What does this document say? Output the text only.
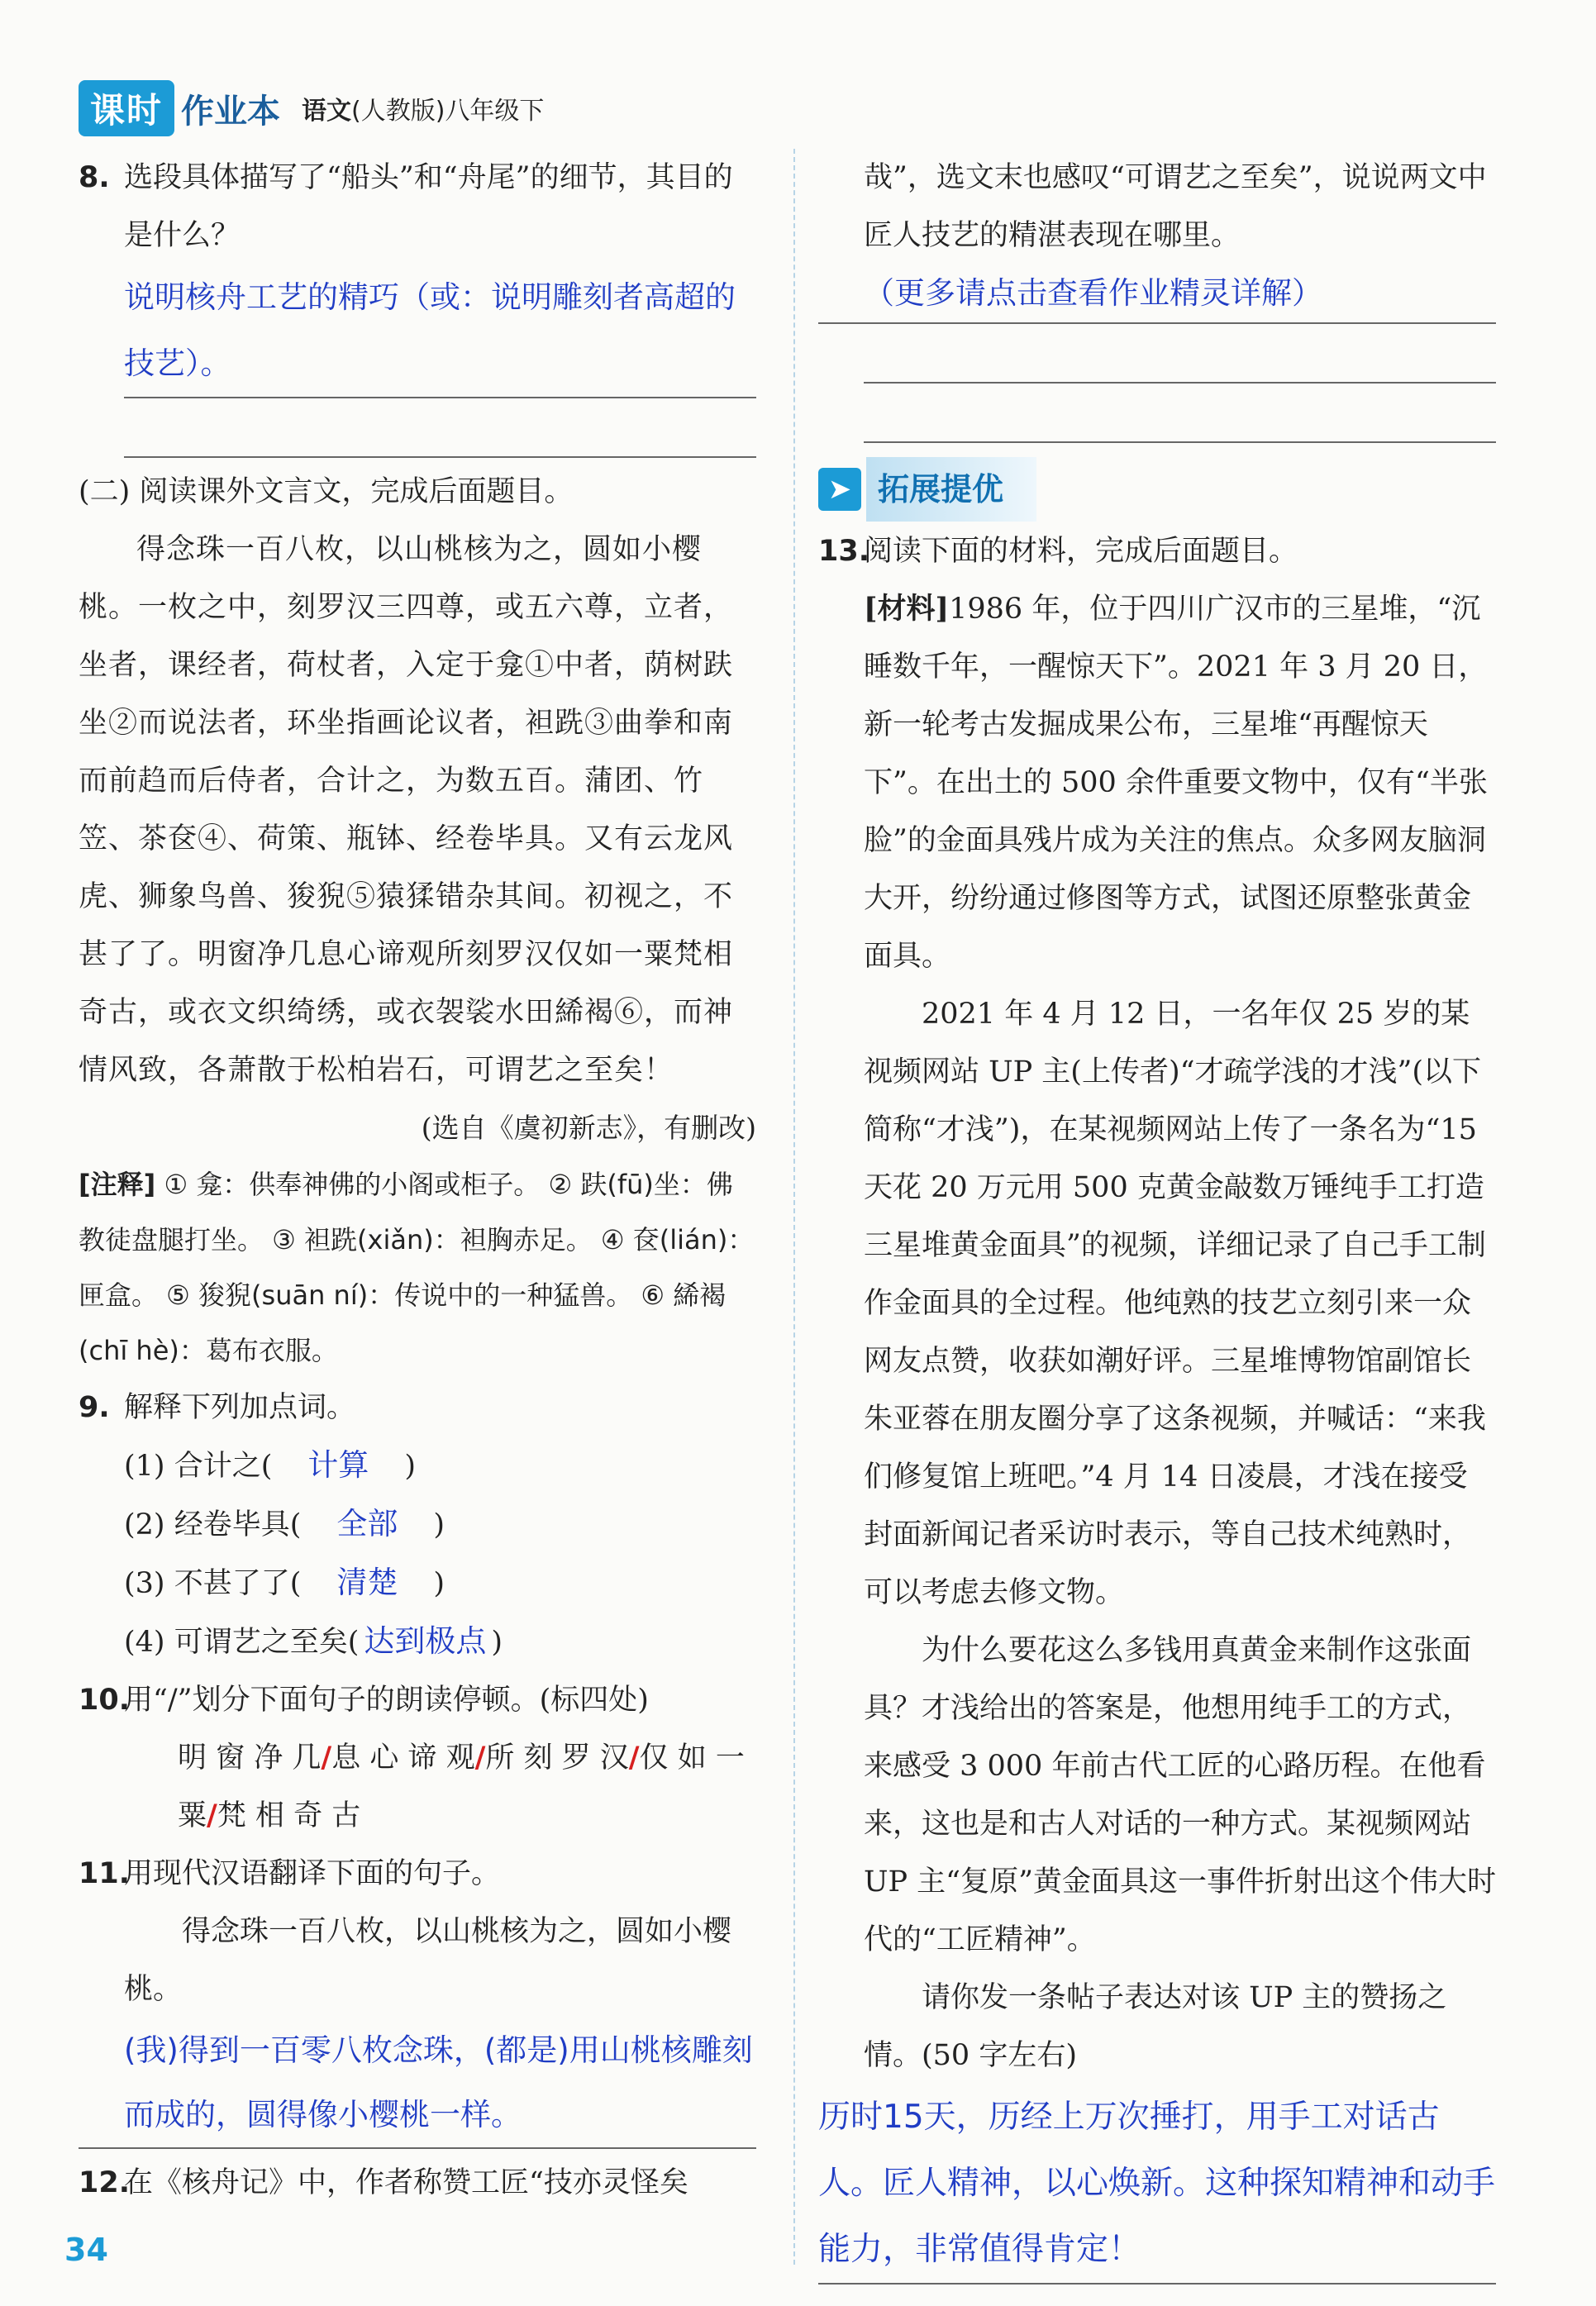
课时 作业本 语文(人教版)八年级下
8. 选段具体描写了“船头”和“舟尾”的细节，其目的是什么？

说明核舟工艺的精巧（或：说明雕刻者高超的技艺）。
(二) 阅读课外文言文，完成后面题目。
得念珠一百八枚，以山桃核为之，圆如小樱桃。一枚之中，刻罗汉三四尊，或五六尊，立者，坐者，课经者，荷杖者，入定于龛①中者，荫树趺坐②而说法者，环坐指画论议者，袒跣③曲拳和南而前趋而后侍者，合计之，为数五百。蒲团、竹笠、茶奁④、荷策、瓶钵、经卷毕具。又有云龙风虎、狮象鸟兽、狻猊⑤猿猱错杂其间。初视之，不甚了了。明窗净几息心谛观所刻罗汉仅如一粟梵相奇古，或衣文织绮绣，或衣袈裟水田絺褐⑥，而神情风致，各萧散于松柏岩石，可谓艺之至矣！
(选自《虞初新志》，有删改)
[注释] ① 龛：供奉神佛的小阁或柜子。 ② 趺(fū)坐：佛教徒盘腿打坐。 ③ 袒跣(xiǎn)：袒胸赤足。 ④ 奁(lián)：匣盒。 ⑤ 狻猊(suān ní)：传说中的一种猛兽。 ⑥ 絺褐(chī hè)：葛布衣服。
9. 解释下列加点词。
(1) 合计之( 计算 )
(2) 经卷毕具( 全部 )
(3) 不甚了了( 清楚 )
(4) 可谓艺之至矣( 达到极点 )
10.
用“/”划分下面句子的朗读停顿。(标四处)
明 窗 净 几/息 心 谛 观/所 刻 罗 汉/仅 如 一 粟/梵 相 奇 古
11.
用现代汉语翻译下面的句子。
得念珠一百八枚，以山桃核为之，圆如小樱桃。
(我)得到一百零八枚念珠，(都是)用山桃核雕刻而成的，圆得像小樱桃一样。
12.
在《核舟记》中，作者称赞工匠“技亦灵怪矣
哉”，选文末也感叹“可谓艺之至矣”，说说两文中匠人技艺的精湛表现在哪里。
（更多请点击查看作业精灵详解）
➤ 拓展提优
13.
阅读下面的材料，完成后面题目。
[材料]1986 年，位于四川广汉市的三星堆，“沉睡数千年，一醒惊天下”。2021 年 3 月 20 日，新一轮考古发掘成果公布，三星堆“再醒惊天下”。在出土的 500 余件重要文物中，仅有“半张脸”的金面具残片成为关注的焦点。众多网友脑洞大开，纷纷通过修图等方式，试图还原整张黄金面具。
2021 年 4 月 12 日，一名年仅 25 岁的某视频网站 UP 主(上传者)“才疏学浅的才浅”(以下简称“才浅”)，在某视频网站上传了一条名为“15 天花 20 万元用 500 克黄金敲数万锤纯手工打造三星堆黄金面具”的视频，详细记录了自己手工制作金面具的全过程。他纯熟的技艺立刻引来一众网友点赞，收获如潮好评。三星堆博物馆副馆长朱亚蓉在朋友圈分享了这条视频，并喊话：“来我们修复馆上班吧。”4 月 14 日凌晨，才浅在接受封面新闻记者采访时表示，等自己技术纯熟时，可以考虑去修文物。
为什么要花这么多钱用真黄金来制作这张面具？才浅给出的答案是，他想用纯手工的方式，来感受 3 000 年前古代工匠的心路历程。在他看来，这也是和古人对话的一种方式。某视频网站 UP 主“复原”黄金面具这一事件折射出这个伟大时代的“工匠精神”。
请你发一条帖子表达对该 UP 主的赞扬之情。(50 字左右)
历时15天，历经上万次捶打，用手工对话古人。匠人精神，以心焕新。这种探知精神和动手能力，非常值得肯定！
34
